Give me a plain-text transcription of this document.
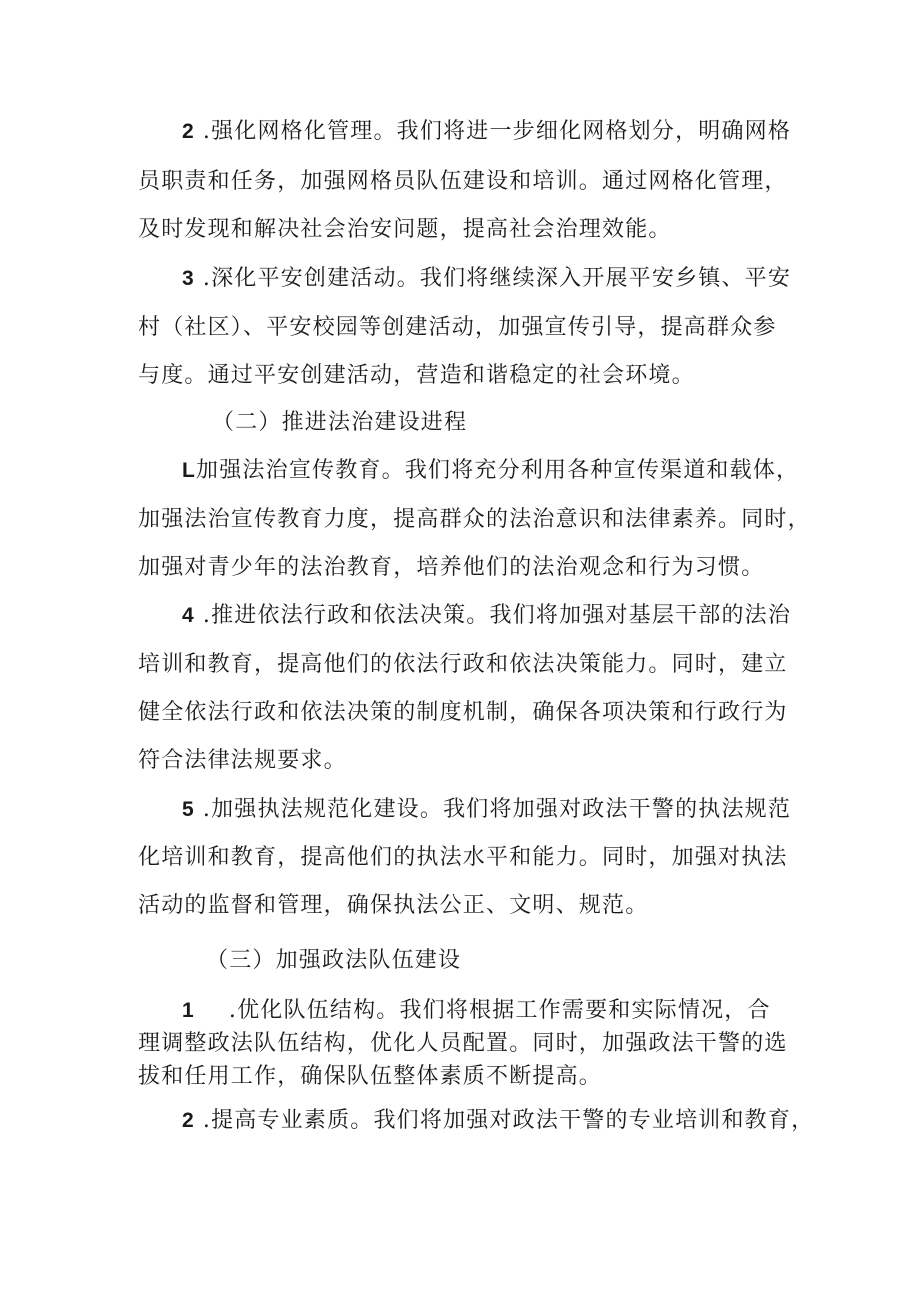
2 .强化网格化管理。我们将进一步细化网格划分，明确网格
员职责和任务，加强网格员队伍建设和培训。通过网格化管理，
及时发现和解决社会治安问题，提高社会治理效能。
3 .深化平安创建活动。我们将继续深入开展平安乡镇、平安
村（社区）、平安校园等创建活动，加强宣传引导，提高群众参
与度。通过平安创建活动，营造和谐稳定的社会环境。
（二）推进法治建设进程
L加强法治宣传教育。我们将充分利用各种宣传渠道和载体，
加强法治宣传教育力度，提高群众的法治意识和法律素养。同时，
加强对青少年的法治教育，培养他们的法治观念和行为习惯。
4 .推进依法行政和依法决策。我们将加强对基层干部的法治
培训和教育，提高他们的依法行政和依法决策能力。同时，建立
健全依法行政和依法决策的制度机制，确保各项决策和行政行为
符合法律法规要求。
5 .加强执法规范化建设。我们将加强对政法干警的执法规范
化培训和教育，提高他们的执法水平和能力。同时，加强对执法
活动的监督和管理，确保执法公正、文明、规范。
（三）加强政法队伍建设
1 .优化队伍结构。我们将根据工作需要和实际情况，合
理调整政法队伍结构，优化人员配置。同时，加强政法干警的选
拔和任用工作，确保队伍整体素质不断提高。
2 .提高专业素质。我们将加强对政法干警的专业培训和教育，
